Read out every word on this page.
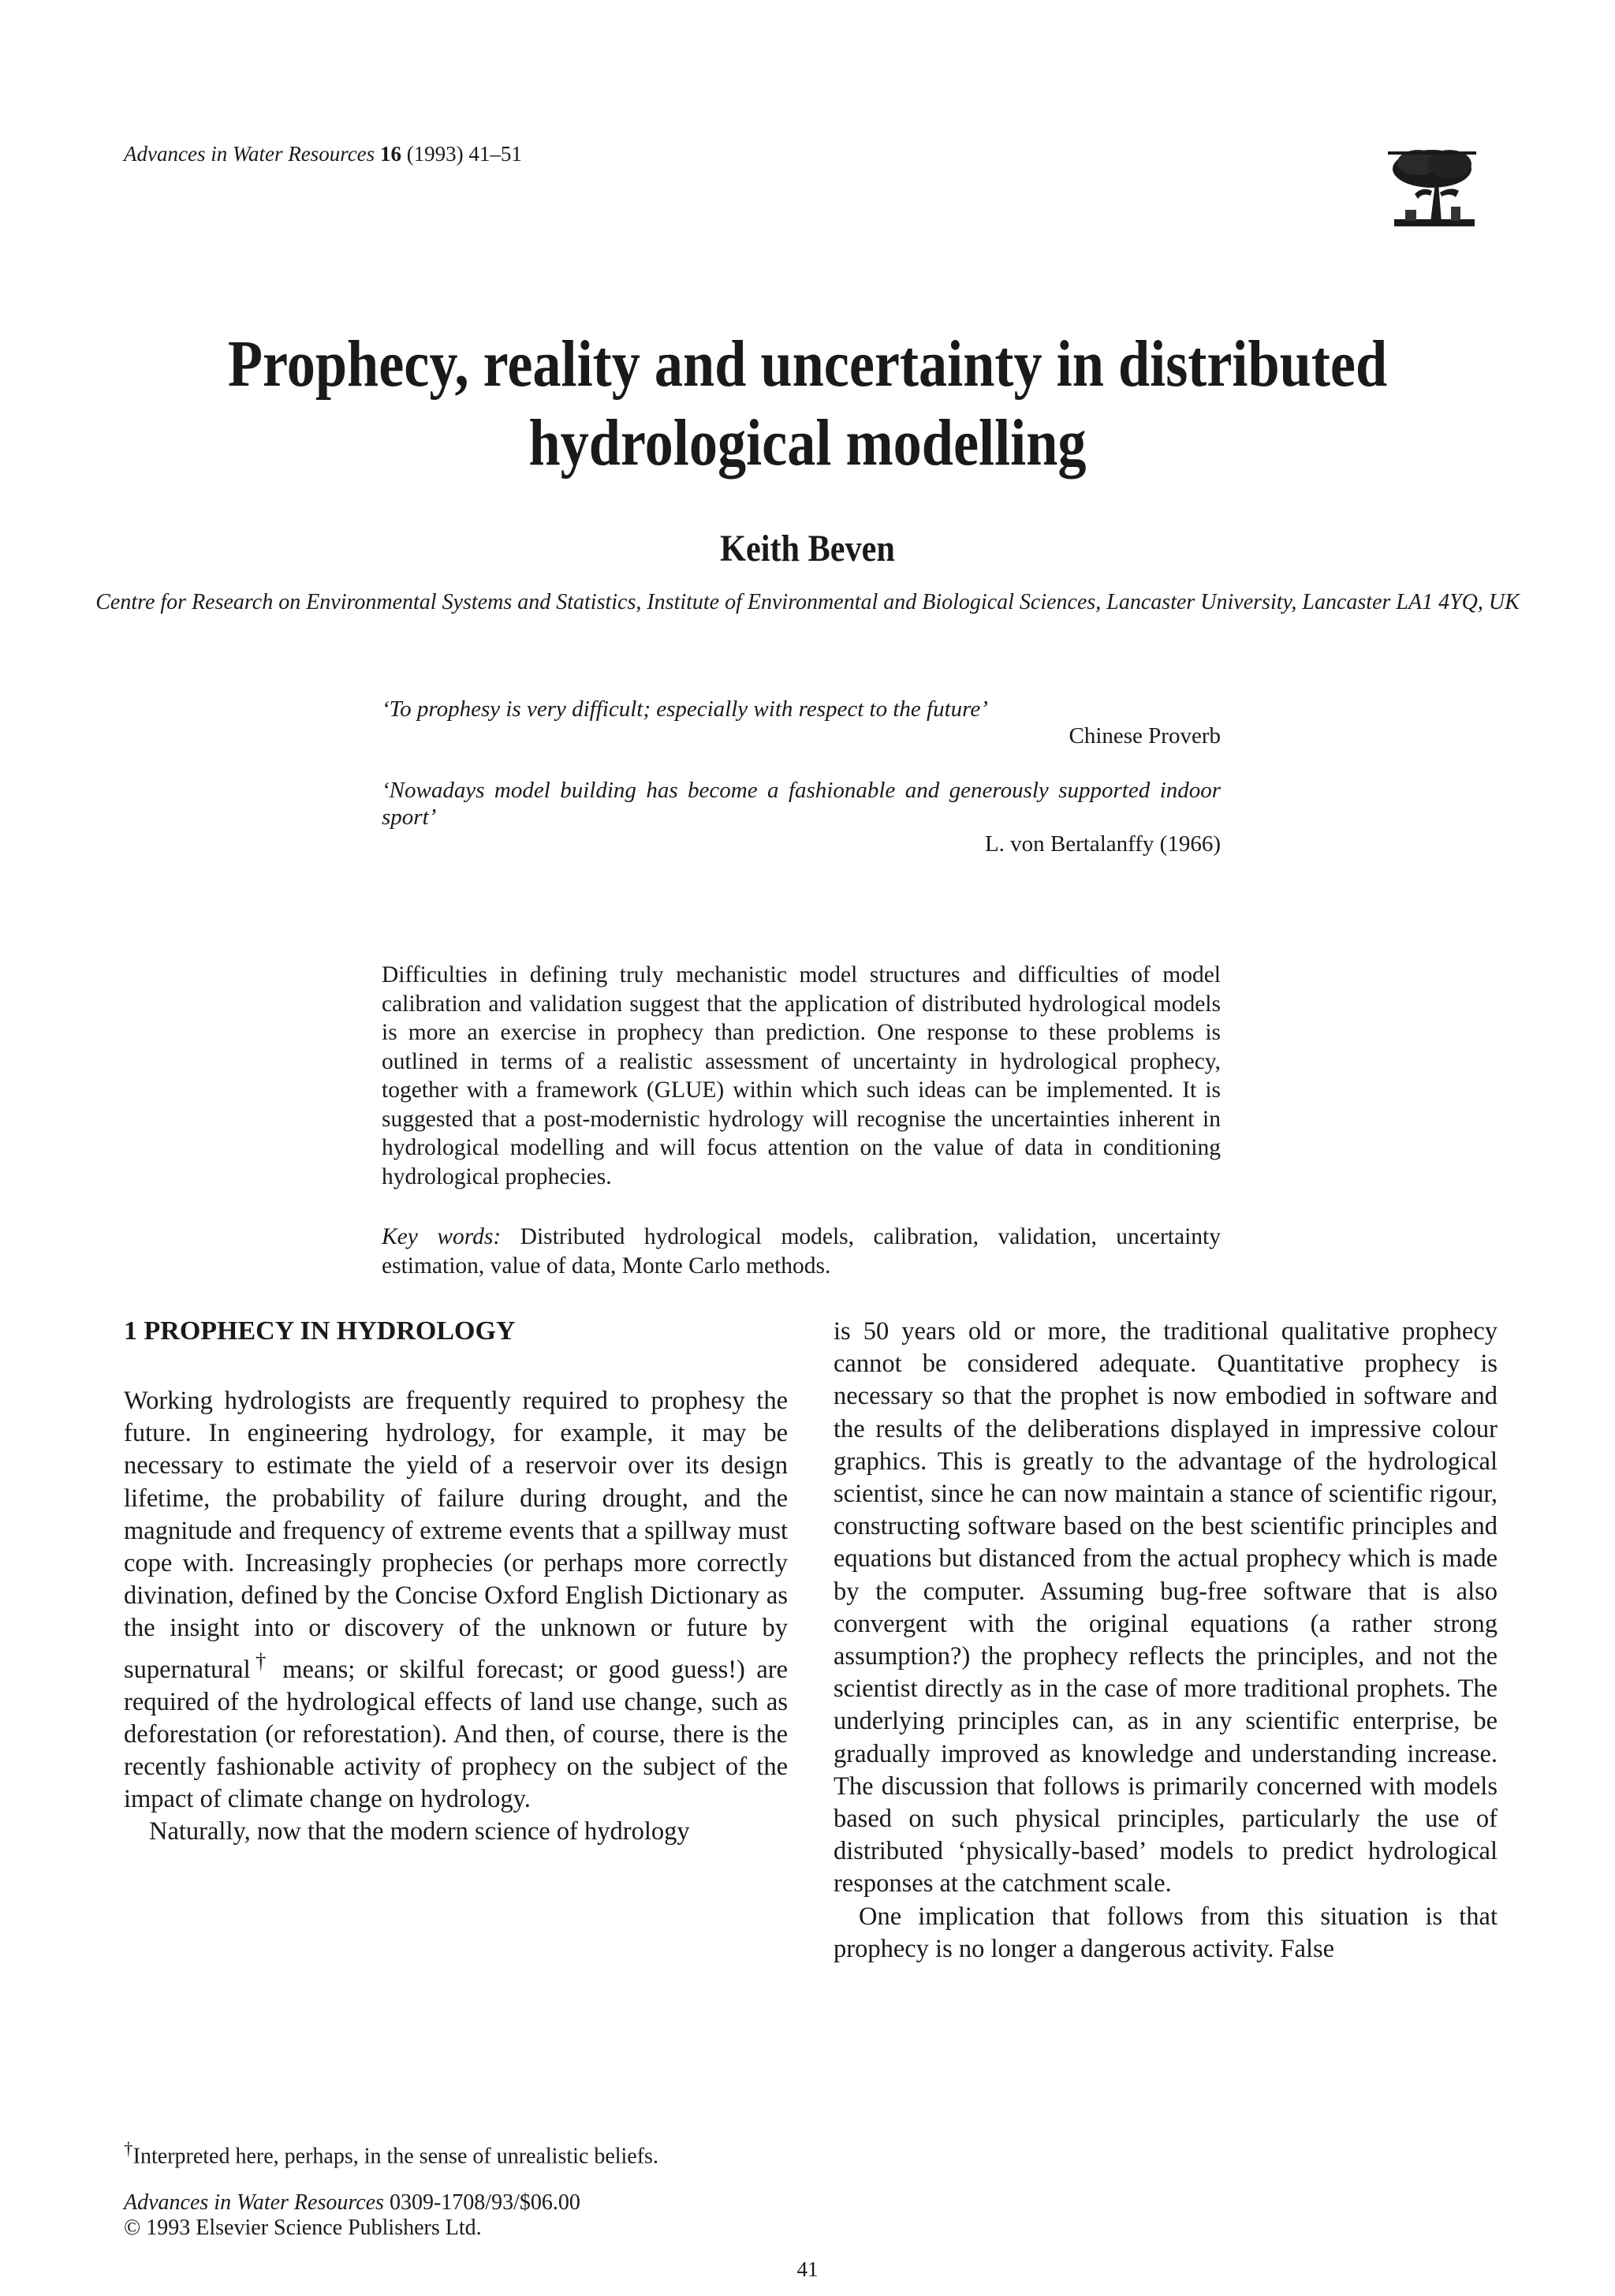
Advances in Water Resources 16 (1993) 41–51
Prophecy, reality and uncertainty in distributed hydrological modelling
Keith Beven

Centre for Research on Environmental Systems and Statistics, Institute of Environmental and Biological Sciences, Lancaster University, Lancaster LA1 4YQ, UK

‘To prophesy is very difficult; especially with respect to the future’
Chinese Proverb
‘Nowadays model building has become a fashionable and generously supported indoor sport’
L. von Bertalanffy (1966)

Difficulties in defining truly mechanistic model structures and difficulties of model calibration and validation suggest that the application of distributed hydrological models is more an exercise in prophecy than prediction. One response to these problems is outlined in terms of a realistic assessment of uncertainty in hydrological prophecy, together with a framework (GLUE) within which such ideas can be implemented. It is suggested that a post-modernistic hydrology will recognise the uncertainties inherent in hydrological modelling and will focus attention on the value of data in conditioning hydrological prophecies.

Key words: Distributed hydrological models, calibration, validation, uncertainty estimation, value of data, Monte Carlo methods.

1 PROPHECY IN HYDROLOGY

Working hydrologists are frequently required to prophesy the future. In engineering hydrology, for example, it may be necessary to estimate the yield of a reservoir over its design lifetime, the probability of failure during drought, and the magnitude and frequency of extreme events that a spillway must cope with. Increasingly prophecies (or perhaps more correctly divination, defined by the Concise Oxford English Dictionary as the insight into or discovery of the unknown or future by supernatural† means; or skilful forecast; or good guess!) are required of the hydrological effects of land use change, such as deforestation (or reforestation). And then, of course, there is the recently fashionable activity of prophecy on the subject of the impact of climate change on hydrology.

Naturally, now that the modern science of hydrology

is 50 years old or more, the traditional qualitative prophecy cannot be considered adequate. Quantitative prophecy is necessary so that the prophet is now embodied in software and the results of the deliberations displayed in impressive colour graphics. This is greatly to the advantage of the hydrological scientist, since he can now maintain a stance of scientific rigour, constructing software based on the best scientific principles and equations but distanced from the actual prophecy which is made by the computer. Assuming bug-free software that is also convergent with the original equations (a rather strong assumption?) the prophecy reflects the principles, and not the scientist directly as in the case of more traditional prophets. The underlying principles can, as in any scientific enterprise, be gradually improved as knowledge and understanding increase. The discussion that follows is primarily concerned with models based on such physical principles, particularly the use of distributed ‘physically-based’ models to predict hydrological responses at the catchment scale.

One implication that follows from this situation is that prophecy is no longer a dangerous activity. False

†Interpreted here, perhaps, in the sense of unrealistic beliefs.
Advances in Water Resources 0309-1708/93/$06.00
© 1993 Elsevier Science Publishers Ltd.
41
